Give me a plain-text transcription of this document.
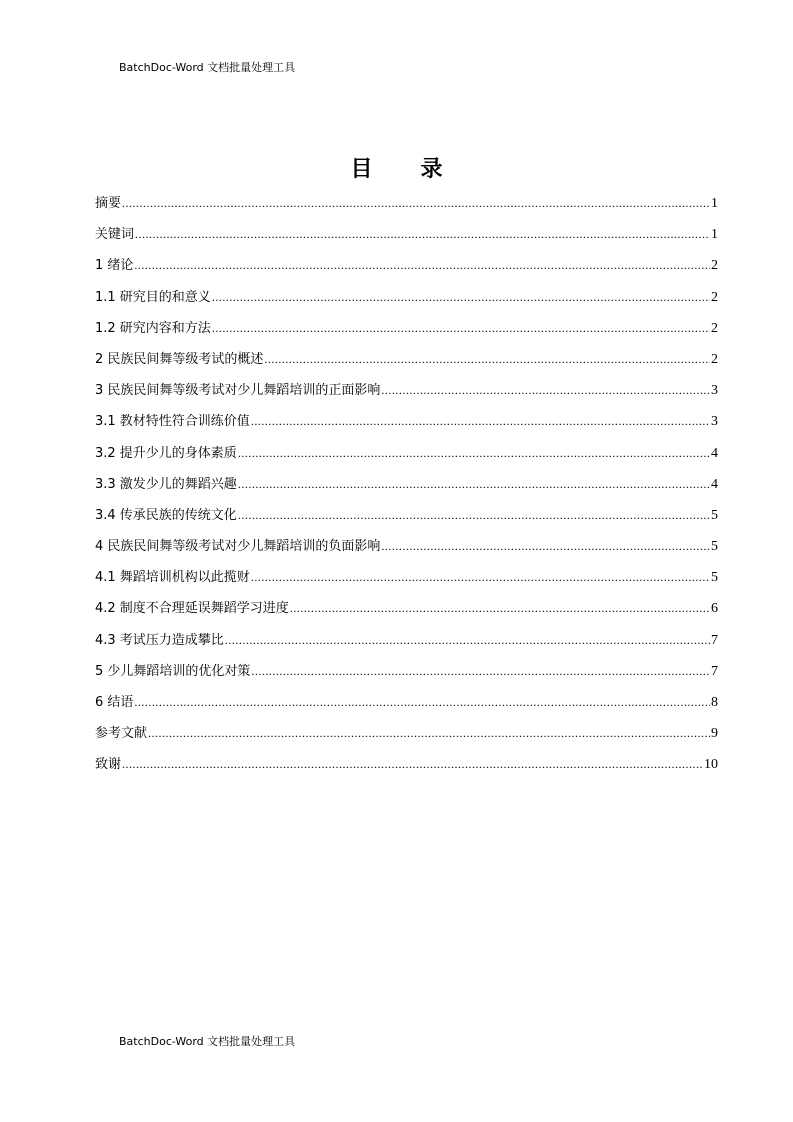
BatchDoc-Word 文档批量处理工具
目录
摘要 .....	1
关键词 .....	1
1 绪论 .....	2
1.1 研究目的和意义 .....	2
1.2 研究内容和方法 .....	2
2 民族民间舞等级考试的概述 .....	2
3 民族民间舞等级考试对少儿舞蹈培训的正面影响 .....	3
3.1 教材特性符合训练价值 .....	3
3.2 提升少儿的身体素质 .....	4
3.3 激发少儿的舞蹈兴趣 .....	4
3.4 传承民族的传统文化 .....	5
4 民族民间舞等级考试对少儿舞蹈培训的负面影响 .....	5
4.1 舞蹈培训机构以此揽财 .....	5
4.2 制度不合理延误舞蹈学习进度 .....	6
4.3 考试压力造成攀比 .....	7
5 少儿舞蹈培训的优化对策 .....	7
6 结语 .....	8
参考文献 .....	9
致谢 .....	10
BatchDoc-Word 文档批量处理工具
